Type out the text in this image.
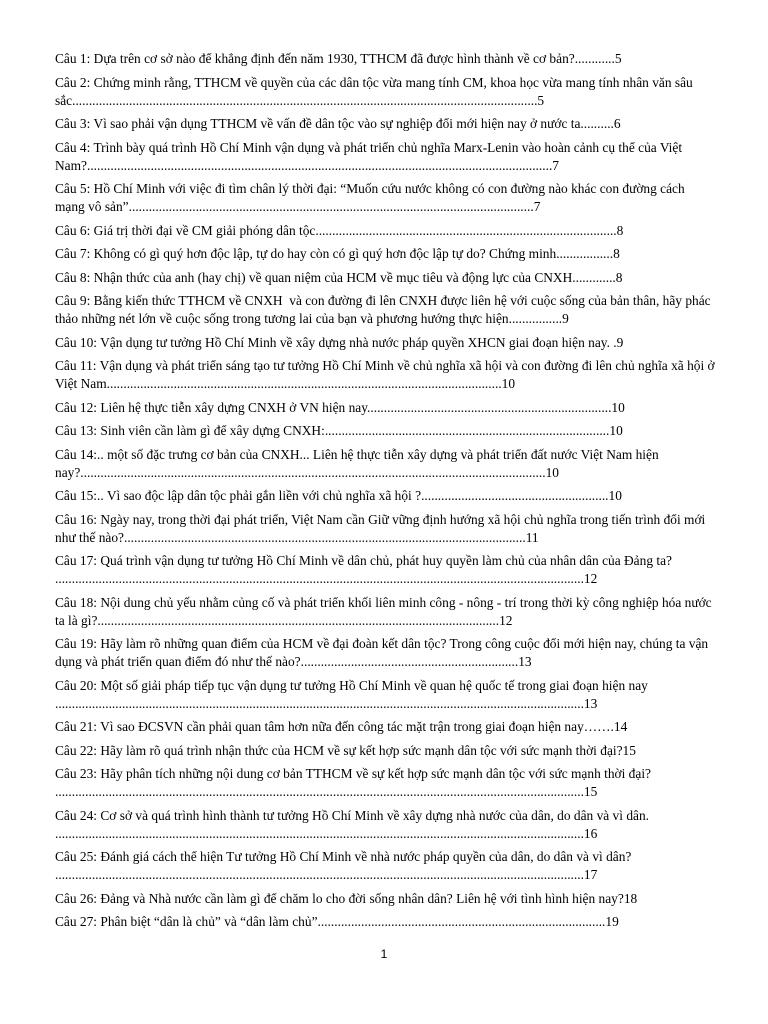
Câu 1: Dựa trên cơ sở nào để khẳng định đến năm 1930, TTHCM đã được hình thành về cơ bản?............5
Câu 2: Chứng minh rằng, TTHCM về quyền của các dân tộc vừa mang tính CM, khoa học vừa mang tính nhân văn sâu sắc...........................................................................................................................................5
Câu 3: Vì sao phải vận dụng TTHCM về vấn đề dân tộc vào sự nghiệp đổi mới hiện nay ở nước ta..........6
Câu 4: Trình bày quá trình Hồ Chí Minh vận dụng và phát triển chủ nghĩa Marx-Lenin vào hoàn cảnh cụ thể của Việt Nam?...........................................................................................................................................7
Câu 5: Hồ Chí Minh với việc đi tìm chân lý thời đại: “Muốn cứu nước không có con đường nào khác con đường cách mạng vô sản”.........................................................................................................................7
Câu 6: Giá trị thời đại về CM giải phóng dân tộc..........................................................................................8
Câu 7: Không có gì quý hơn độc lập, tự do hay còn có gì quý hơn độc lập tự do? Chứng minh.................8
Câu 8: Nhận thức của anh (hay chị) về quan niệm của HCM về mục tiêu và động lực của CNXH.............8
Câu 9: Bằng kiến thức TTHCM về CNXH  và con đường đi lên CNXH được liên hệ với cuộc sống của bản thân, hãy phác thảo những nét lớn về cuộc sống trong tương lai của bạn và phương hướng thực hiện................9
Câu 10: Vận dụng tư tưởng Hồ Chí Minh về xây dựng nhà nước pháp quyền XHCN giai đoạn hiện nay. .9
Câu 11: Vận dụng và phát triển sáng tạo tư tưởng Hồ Chí Minh về chủ nghĩa xã hội và con đường đi lên chủ nghĩa xã hội ở Việt Nam......................................................................................................................10
Câu 12: Liên hệ thực tiễn xây dựng CNXH ở VN hiện nay.........................................................................10
Câu 13: Sinh viên cần làm gì để xây dựng CNXH:.....................................................................................10
Câu 14:.. một số đặc trưng cơ bản của CNXH... Liên hệ thực tiễn xây dựng và phát triển đất nước Việt Nam hiện nay?...........................................................................................................................................10
Câu 15:.. Vì sao độc lập dân tộc phải gắn liền với chủ nghĩa xã hội ?........................................................10
Câu 16: Ngày nay, trong thời đại phát triển, Việt Nam cần Giữ vững định hướng xã hội chủ nghĩa trong tiến trình đổi mới như thế nào?........................................................................................................................11
Câu 17: Quá trình vận dụng tư tưởng Hồ Chí Minh về dân chủ, phát huy quyền làm chủ của nhân dân của Đảng ta? ..............................................................................................................................................................12
Câu 18: Nội dung chủ yếu nhằm củng cố và phát triển khối liên minh công - nông - trí trong thời kỳ công nghiệp hóa nước ta là gì?........................................................................................................................12
Câu 19: Hãy làm rõ những quan điểm của HCM về đại đoàn kết dân tộc? Trong công cuộc đổi mới hiện nay, chúng ta vận dụng và phát triển quan điểm đó như thế nào?.................................................................13
Câu 20: Một số giải pháp tiếp tục vận dụng tư tưởng Hồ Chí Minh về quan hệ quốc tế trong giai đoạn hiện nay ..............................................................................................................................................................13
Câu 21: Vì sao ĐCSVN cần phải quan tâm hơn nữa đến công tác mặt trận trong giai đoạn hiện nay…….14
Câu 22: Hãy làm rõ quá trình nhận thức của HCM về sự kết hợp sức mạnh dân tộc với sức mạnh thời đại?15
Câu 23: Hãy phân tích những nội dung cơ bản TTHCM về sự kết hợp sức mạnh dân tộc với sức mạnh thời đại? ..............................................................................................................................................................15
Câu 24: Cơ sở và quá trình hình thành tư tưởng Hồ Chí Minh về xây dựng nhà nước của dân, do dân và vì dân. ..............................................................................................................................................................16
Câu 25: Đánh giá cách thể hiện Tư tưởng Hồ Chí Minh về nhà nước pháp quyền của dân, do dân và vì dân? ..............................................................................................................................................................17
Câu 26: Đảng và Nhà nước cần làm gì để chăm lo cho đời sống nhân dân? Liên hệ với tình hình hiện nay?18
Câu 27: Phân biệt “dân là chủ” và “dân làm chủ”......................................................................................19
1
